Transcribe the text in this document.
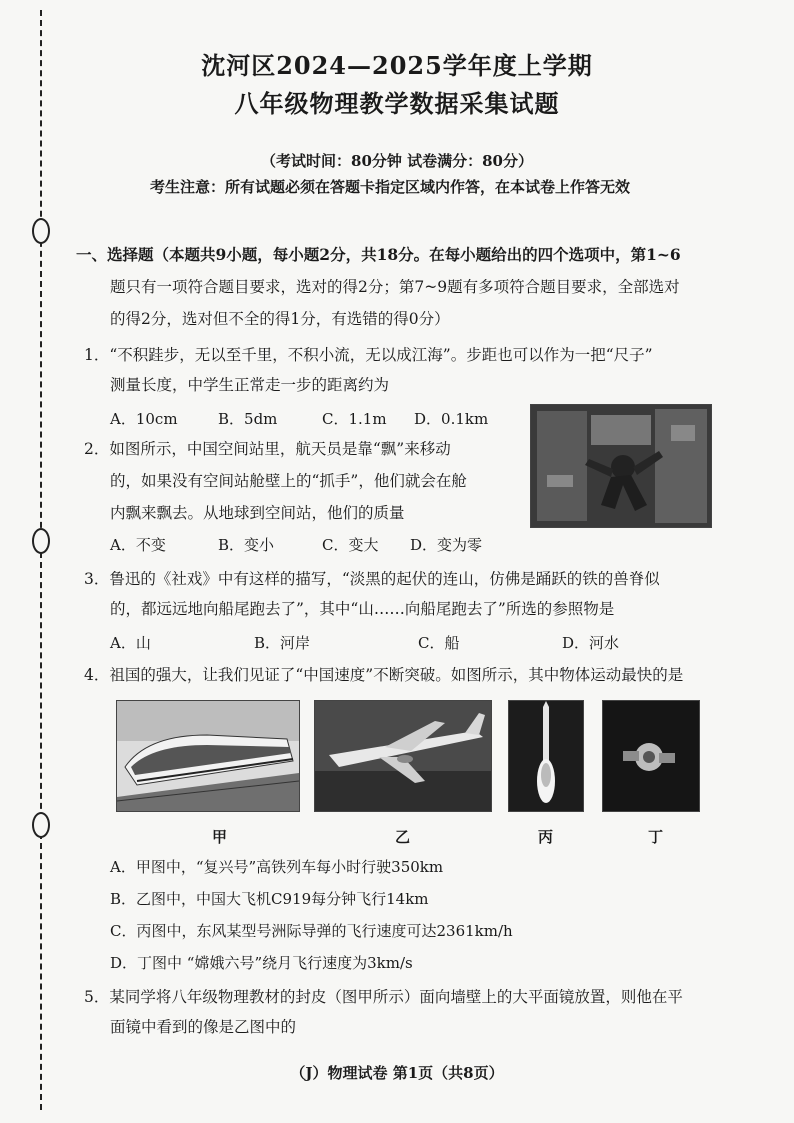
沈河区2024—2025学年度上学期
八年级物理教学数据采集试题
（考试时间：80分钟 试卷满分：80分）
考生注意：所有试题必须在答题卡指定区域内作答，在本试卷上作答无效
一、选择题（本题共9小题，每小题2分，共18分。在每小题给出的四个选项中，第1~6
题只有一项符合题目要求，选对的得2分；第7~9题有多项符合题目要求，全部选对
的得2分，选对但不全的得1分，有选错的得0分）
1．“不积跬步，无以至千里，不积小流，无以成江海”。步距也可以作为一把“尺子”
测量长度，中学生正常走一步的距离约为
A．10cm	B．5dm	C．1.1m D．0.1km
2．如图所示，中国空间站里，航天员是靠“飘”来移动
的，如果没有空间站舱壁上的“抓手”，他们就会在舱
内飘来飘去。从地球到空间站，他们的质量
A．不变	B．变小	C．变大 D．变为零
3．鲁迅的《社戏》中有这样的描写，“淡黑的起伏的连山，仿佛是踊跃的铁的兽脊似
的，都远远地向船尾跑去了”，其中“山……向船尾跑去了”所选的参照物是
A．山	B．河岸	C．船	D．河水
4．祖国的强大，让我们见证了“中国速度”不断突破。如图所示，其中物体运动最快的是
甲	乙	丙	丁
A．甲图中，“复兴号”高铁列车每小时行驶350km
B．乙图中，中国大飞机C919每分钟飞行14km
C．丙图中，东风某型号洲际导弹的飞行速度可达2361km/h
D．丁图中 “嫦娥六号”绕月飞行速度为3km/s
5．某同学将八年级物理教材的封皮（图甲所示）面向墙壁上的大平面镜放置，则他在平
面镜中看到的像是乙图中的
（J）物理试卷 第1页（共8页）
